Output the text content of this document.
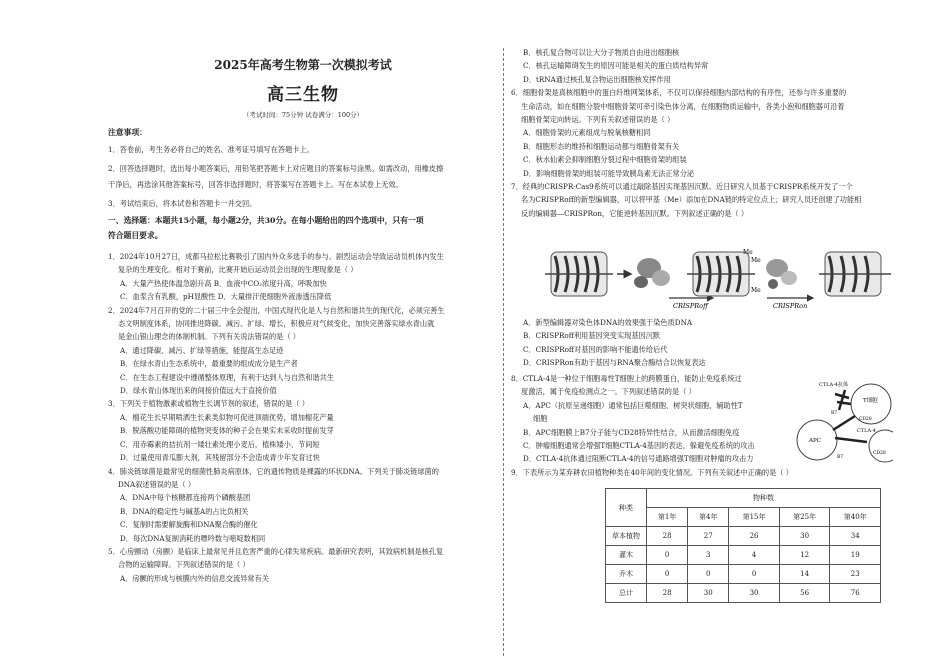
2025年高考生物第一次模拟考试
高三生物
（考试时间：75分钟 试卷满分：100分）
注意事项：
1．答卷前，考生务必将自己的姓名、准考证号填写在答题卡上。
2．回答选择题时，选出每小题答案后，用铅笔把答题卡上对应题目的答案标号涂黑。如需改动，用橡皮擦
干净后，再选涂其他答案标号，回答非选择题时，将答案写在答题卡上。写在本试卷上无效。
3．考试结束后，将本试卷和答题卡一并交回。
一、选择题：本题共15小题，每小题2分，共30分。在每小题给出的四个选项中，只有一项
符合题目要求。
1．2024年10月27日，成都马拉松比赛吸引了国内外众多选手的参与。剧烈运动会导致运动员机体内发生
复杂的生理变化。相对于赛前，比赛开始后运动员会出现的生理现象是（ ）
A．大量产热使体温急剧升高 B．血液中CO₂浓度升高，呼吸加快
C．血浆含有乳酸，pH显酸性 D．大量排汗使细胞外液渗透压降低
2．2024年7月召开的党的二十届三中全会提出，中国式现代化是人与自然和谐共生的现代化，必须完善生
态文明制度体系，协同推进降碳、减污、扩绿、增长，积极应对气候变化，加快完善落实绿水青山就
是金山银山理念的体制机制。下列有关说法错误的是（ ）
A．通过降碳、减污、扩绿等措施，能提高生态足迹
B．在绿水青山生态系统中，最重要的组成成分是生产者
C．在生态工程建设中遵循整体原理，有利于达到人与自然和谐共生
D．绿水青山体现出来的间接价值远大于直接价值
3．下列关于植物激素或植物生长调节剂的叙述，错误的是（ ）
A．榴花生长早期喷洒生长素类似物可促进顶端优势，增加榴花产量
B．脱落酸功能障碍的植物突变体的种子会在果实未采收时提前发芽
C．用赤霉素的拮抗剂一矮壮素处理小麦后，植株矮小、节间短
D．过量使用青瓜膨大剂，其残留部分不会造成青少年发育过快
4．肺炎链球菌是最常见的细菌性肺炎病原体，它的遗传物质是裸露的环状DNA。下列关于肺炎链球菌的
DNA叙述错误的是（ ）
A．DNA中每个核糖都连接两个磷酸基团
B．DNA的稳定性与碱基A的占比负相关
C．复制时需要解旋酶和DNA聚合酶的催化
D．每次DNA复制消耗的嘌呤数与嘧啶数相同
5．心房颤动（房颤）是临床上最常见并且危害严重的心律失常疾病。最新研究表明，其致病机制是核孔复
合物的运输障碍。下列叙述错误的是（ ）
A．房颤的形成与核膜内外的信息交流异常有关
B．核孔复合物可以让大分子物质自由进出细胞核
C．核孔运输障碍发生的原因可能是相关的蛋白质结构异常
D．tRNA通过核孔复合物运出细胞核发挥作用
6．细胞骨架是真核细胞中的蛋白纤维网架体系，不仅可以保持细胞内部结构的有序性，还参与许多重要的
生命活动，如在细胞分裂中细胞骨架可牵引染色体分离，在细胞物质运输中，各类小泡和细胞器可沿着
细胞骨架定向转运。下列有关叙述错误的是（ ）
A．细胞骨架的元素组成与脱氧核糖相同
B．细胞形态的维持和细胞运动都与细胞骨架有关
C．秋水仙素会抑制细胞分裂过程中细胞骨架的组装
D．影响细胞骨架的组装可能导致胰岛素无法正常分泌
7．经典的CRISPR-Cas9系统可以通过敲除基因实现基因沉默。近日研究人员基于CRISPR系统开发了一个
名为CRISPRoff的新型编辑器，可以将甲基（Me）添加在DNA链的特定位点上；研究人员还创建了功能相
反的编辑器—CRISPRon，它能逆转基因沉默。下列叙述正确的是（ ）
CRISPRoff
Me
Me
Me
CRISPRon
A．新型编辑器对染色体DNA的效果强于染色质DNA
B．CRISPRoff利用基因突变实现基因沉默
C．CRISPRoff对基因的影响不能遗传给后代
D．CRISPRon有助于基因与RNA聚合酶结合以恢复表达
T细胞
APC
CTLA-4抗体
CTLA-4
CD28
CD28
B7
B7
8．CTLA-4是一种位于细胞毒性T细胞上的跨膜蛋白，能防止免疫系统过
度激活，属于免疫检测点之一。下列叙述错误的是（ ）
A．APC（抗原呈递细胞）通常包括巨噬细胞、树突状细胞、辅助性T
细胞
B．APC细胞膜上B7分子能与CD28特异性结合，从而激活细胞免疫
C．肿瘤细胞通常会增强T细胞CTLA-4基因的表达，躲避免疫系统的攻击
D．CTLA-4抗体通过阻断CTLA-4的信号通路增强T细胞对肿瘤的攻击力
9．下表所示为某弃耕农田植物种类在40年间的变化情况。下列有关叙述中正确的是（ ）
种类	物种数				
	第1年	第4年	第15年	第25年	第40年
草本植物	28	27	26	30	34
灌木	0	3	4	12	19
乔木	0	0	0	14	23
总计	28	30	30	56	76
